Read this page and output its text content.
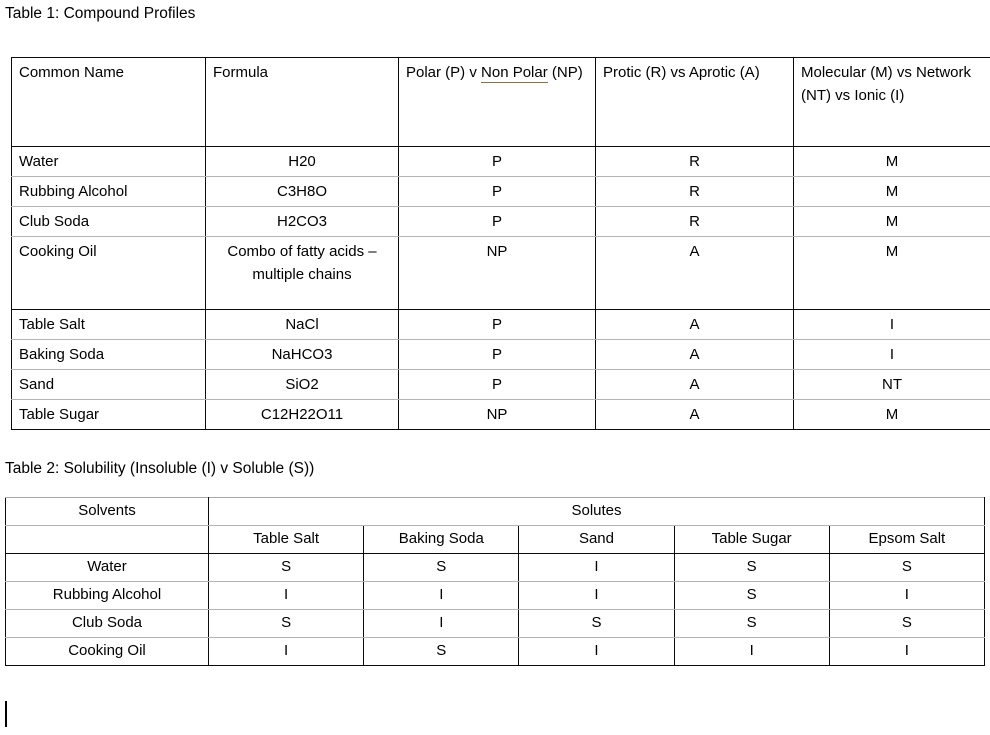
Table 1: Compound Profiles
Common Name	Formula	Polar (P) v Non Polar (NP)	Protic (R) vs Aprotic (A)	Molecular (M) vs Network (NT) vs Ionic (I)
Water	H20	P	R	M
Rubbing Alcohol	C3H8O	P	R	M
Club Soda	H2CO3	P	R	M
Cooking Oil	Combo of fatty acids – multiple chains	NP	A	M
Table Salt	NaCl	P	A	I
Baking Soda	NaHCO3	P	A	I
Sand	SiO2	P	A	NT
Table Sugar	C12H22O11	NP	A	M
Table 2: Solubility (Insoluble (I) v Soluble (S))
Solvents	Solutes				
	Table Salt	Baking Soda	Sand	Table Sugar	Epsom Salt
Water	S	S	I	S	S
Rubbing Alcohol	I	I	I	S	I
Club Soda	S	I	S	S	S
Cooking Oil	I	S	I	I	I
